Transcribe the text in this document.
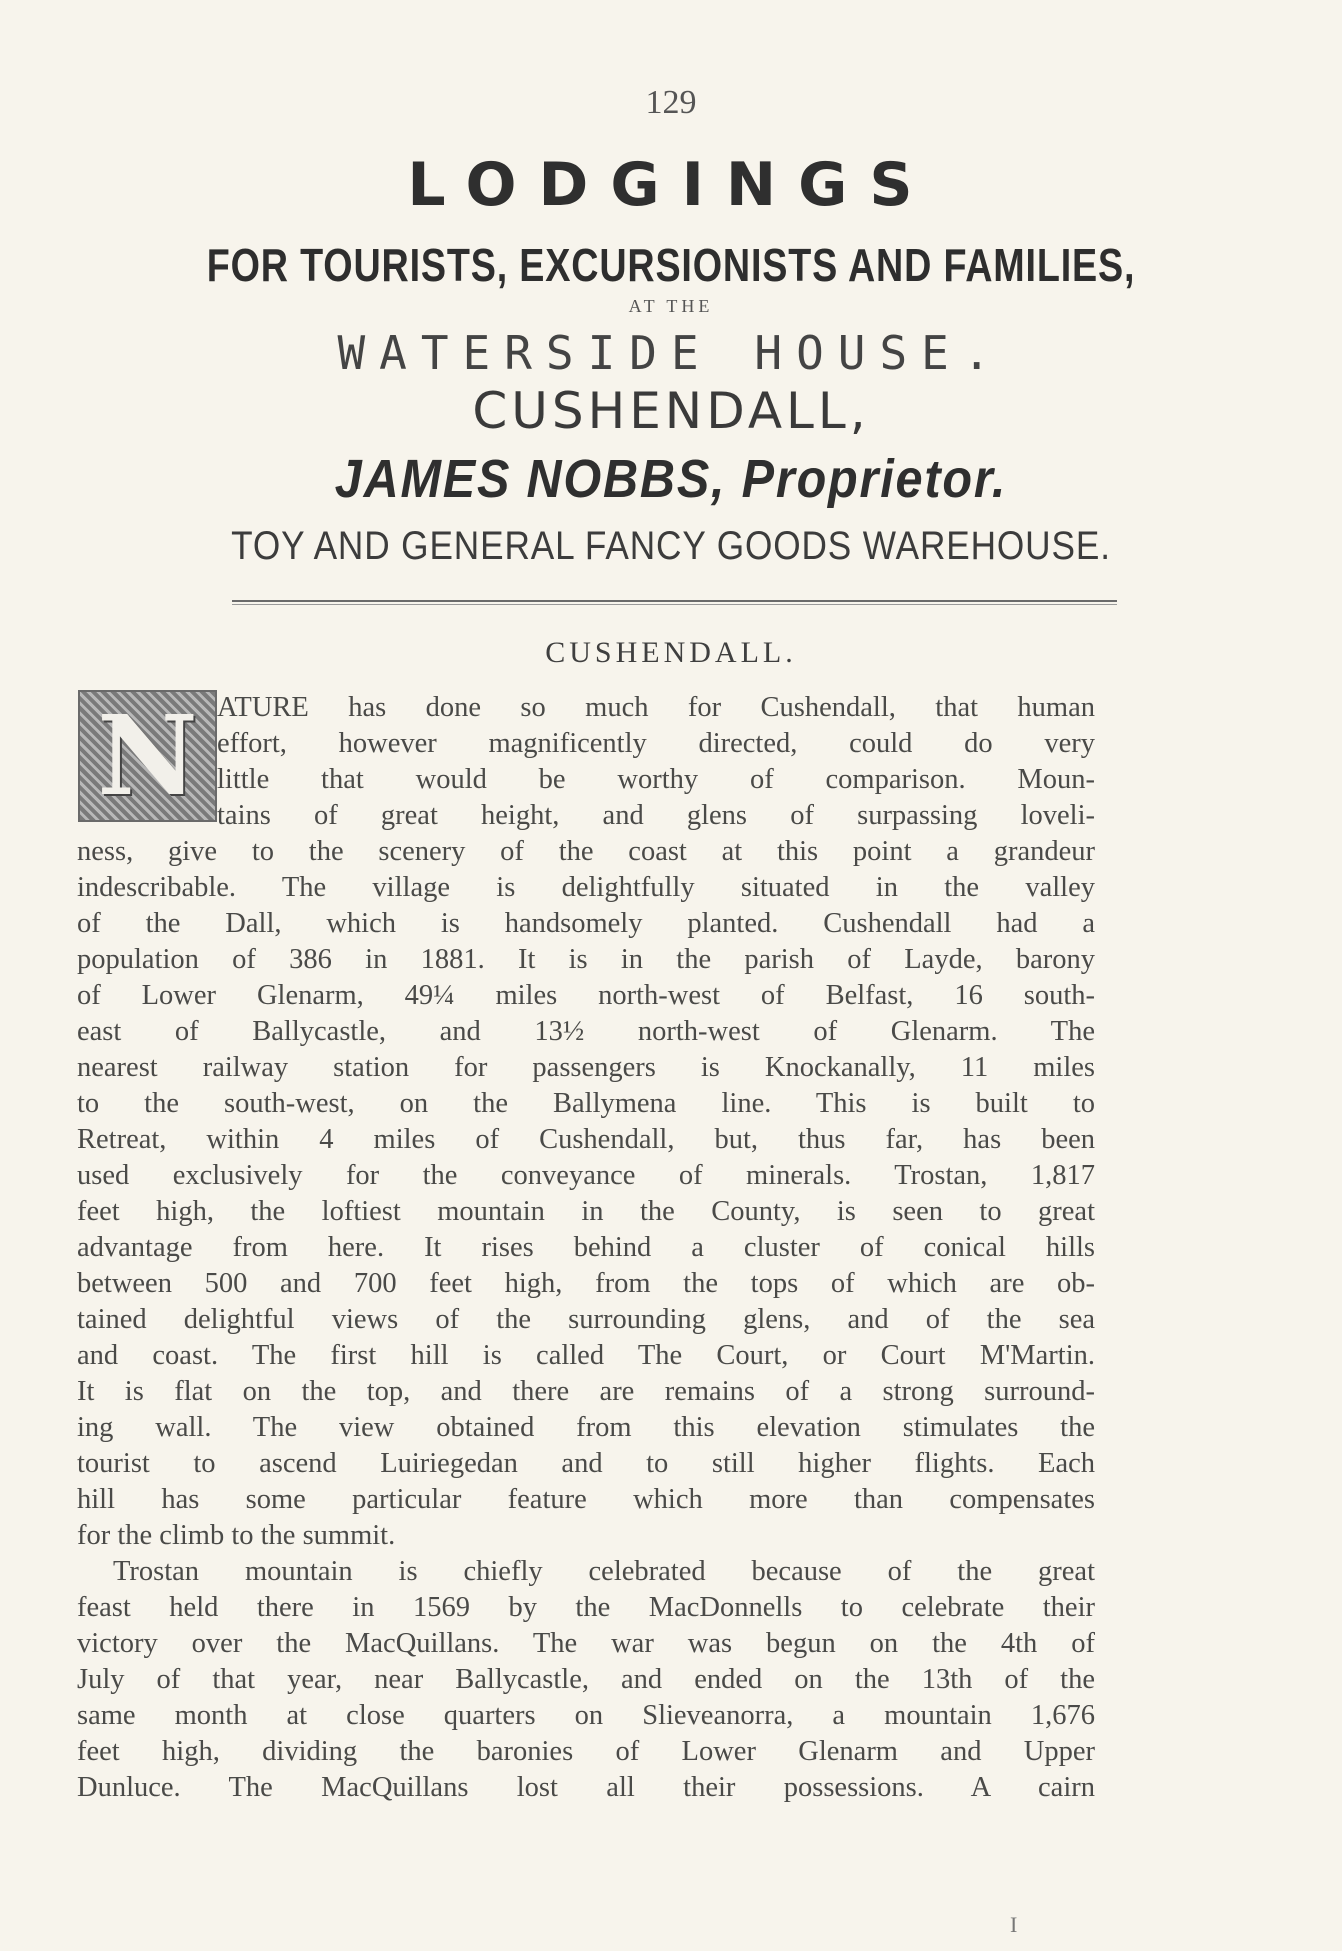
129
LODGINGS
FOR TOURISTS, EXCURSIONISTS AND FAMILIES,
AT THE
WATERSIDE HOUSE.
CUSHENDALL,
JAMES NOBBS, Proprietor.
TOY AND GENERAL FANCY GOODS WAREHOUSE.
CUSHENDALL.
N ATURE has done so much for Cushendall, that human
effort, however magnificently directed, could do very
little that would be worthy of comparison. Moun-
tains of great height, and glens of surpassing loveli-
ness, give to the scenery of the coast at this point a grandeur
indescribable. The village is delightfully situated in the valley
of the Dall, which is handsomely planted. Cushendall had a
population of 386 in 1881. It is in the parish of Layde, barony
of Lower Glenarm, 49¼ miles north-west of Belfast, 16 south-
east of Ballycastle, and 13½ north-west of Glenarm. The
nearest railway station for passengers is Knockanally, 11 miles
to the south-west, on the Ballymena line. This is built to
Retreat, within 4 miles of Cushendall, but, thus far, has been
used exclusively for the conveyance of minerals. Trostan, 1,817
feet high, the loftiest mountain in the County, is seen to great
advantage from here. It rises behind a cluster of conical hills
between 500 and 700 feet high, from the tops of which are ob-
tained delightful views of the surrounding glens, and of the sea
and coast. The first hill is called The Court, or Court M'Martin.
It is flat on the top, and there are remains of a strong surround-
ing wall. The view obtained from this elevation stimulates the
tourist to ascend Luiriegedan and to still higher flights. Each
hill has some particular feature which more than compensates
for the climb to the summit.
Trostan mountain is chiefly celebrated because of the great
feast held there in 1569 by the MacDonnells to celebrate their
victory over the MacQuillans. The war was begun on the 4th of
July of that year, near Ballycastle, and ended on the 13th of the
same month at close quarters on Slieveanorra, a mountain 1,676
feet high, dividing the baronies of Lower Glenarm and Upper
Dunluce. The MacQuillans lost all their possessions. A cairn
I
